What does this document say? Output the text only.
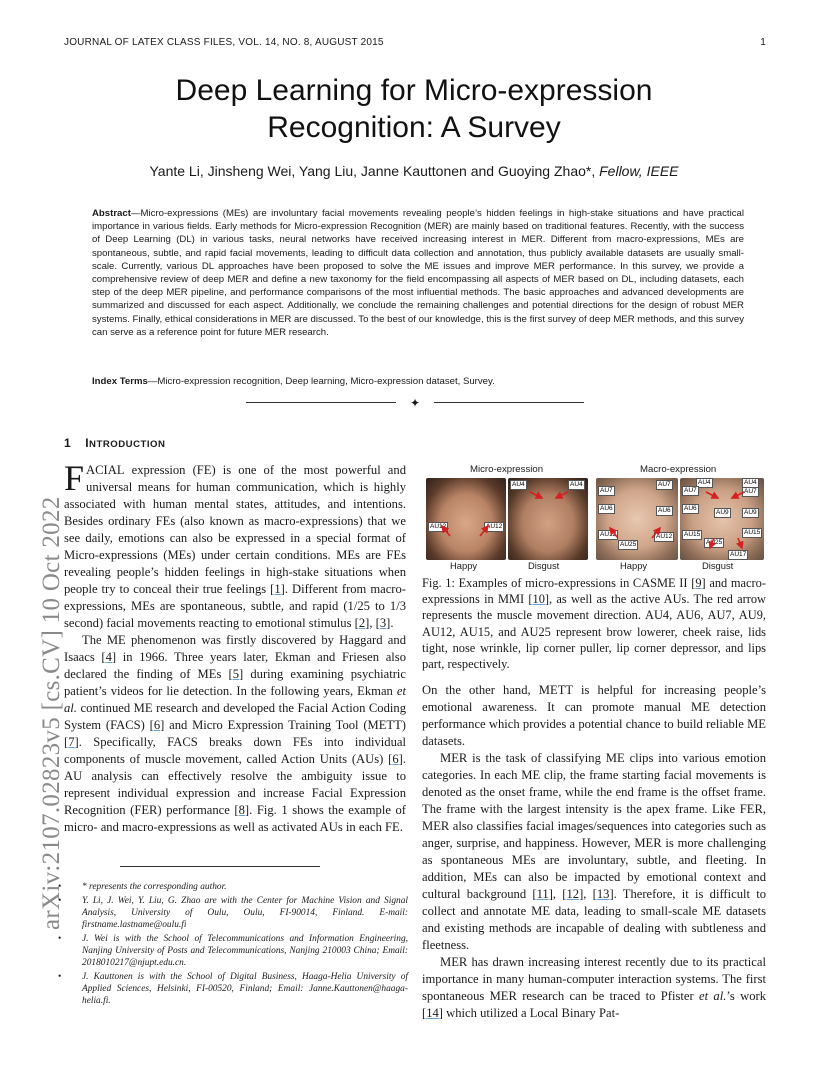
JOURNAL OF LATEX CLASS FILES, VOL. 14, NO. 8, AUGUST 2015	1
Deep Learning for Micro-expression
Recognition: A Survey
Yante Li, Jinsheng Wei, Yang Liu, Janne Kauttonen and Guoying Zhao*, Fellow, IEEE
Abstract—Micro-expressions (MEs) are involuntary facial movements revealing people’s hidden feelings in high-stake situations and have practical importance in various fields. Early methods for Micro-expression Recognition (MER) are mainly based on traditional features. Recently, with the success of Deep Learning (DL) in various tasks, neural networks have received increasing interest in MER. Different from macro-expressions, MEs are spontaneous, subtle, and rapid facial movements, leading to difficult data collection and annotation, thus publicly available datasets are usually small-scale. Currently, various DL approaches have been proposed to solve the ME issues and improve MER performance. In this survey, we provide a comprehensive review of deep MER and define a new taxonomy for the field encompassing all aspects of MER based on DL, including datasets, each step of the deep MER pipeline, and performance comparisons of the most influential methods. The basic approaches and advanced developments are summarized and discussed for each aspect. Additionally, we conclude the remaining challenges and potential directions for the design of robust MER systems. Finally, ethical considerations in MER are discussed. To the best of our knowledge, this is the first survey of deep MER methods, and this survey can serve as a reference point for future MER research.
Index Terms—Micro-expression recognition, Deep learning, Micro-expression dataset, Survey.
✦
1 INTRODUCTION

FACIAL expression (FE) is one of the most powerful and universal means for human communication, which is highly associated with human mental states, attitudes, and intentions. Besides ordinary FEs (also known as macro-expressions) that we see daily, emotions can also be expressed in a special format of Micro-expressions (MEs) under certain conditions. MEs are FEs revealing people’s hidden feelings in high-stake situations when people try to conceal their true feelings [1]. Different from macro-expressions, MEs are spontaneous, subtle, and rapid (1/25 to 1/3 second) facial movements reacting to emotional stimulus [2], [3].

The ME phenomenon was firstly discovered by Haggard and Isaacs [4] in 1966. Three years later, Ekman and Friesen also declared the finding of MEs [5] during examining psychiatric patient’s videos for lie detection. In the following years, Ekman et al. continued ME research and developed the Facial Action Coding System (FACS) [6] and Micro Expression Training Tool (METT) [7]. Specifically, FACS breaks down FEs into individual components of muscle movement, called Action Units (AUs) [6]. AU analysis can effectively resolve the ambiguity issue to represent individual expression and increase Facial Expression Recognition (FER) performance [8]. Fig. 1 shows the example of micro- and macro-expressions as well as activated AUs in each FE.

• * represents the corresponding author.
• Y. Li, J. Wei, Y. Liu, G. Zhao are with the Center for Machine Vision and Signal Analysis, University of Oulu, Oulu, FI-90014, Finland. E-mail: firstname.lastname@oulu.fi
• J. Wei is with the School of Telecommunications and Information Engineering, Nanjing University of Posts and Telecommunications, Nanjing 210003 China; Email: 2018010217@njupt.edu.cn.
• J. Kauttonen is with the School of Digital Business, Haaga-Helia University of Applied Sciences, Helsinki, FI-00520, Finland; Email: Janne.Kauttonen@haaga-helia.fi.
Micro-expression	Macro-expression
AU12	AU12
AU4	AU4
AU7
AU7
AU6	AU6
AU12	AU12
AU25
AU4	AU4
AU7	AU7
AU6
AU9	AU9
AU15	AU15
AU25
AU17
Happy	Disgust	Happy	Disgust
Fig. 1: Examples of micro-expressions in CASME II [9] and macro-expressions in MMI [10], as well as the active AUs. The red arrow represents the muscle movement direction. AU4, AU6, AU7, AU9, AU12, AU15, and AU25 represent brow lowerer, cheek raise, lids tight, nose wrinkle, lip corner puller, lip corner depressor, and lips part, respectively.

On the other hand, METT is helpful for increasing people’s emotional awareness. It can promote manual ME detection performance which provides a potential chance to build reliable ME datasets.

MER is the task of classifying ME clips into various emotion categories. In each ME clip, the frame starting facial movements is denoted as the onset frame, while the end frame is the offset frame. The frame with the largest intensity is the apex frame. Like FER, MER also classifies facial images/sequences into categories such as anger, surprise, and happiness. However, MER is more challenging as spontaneous MEs are involuntary, subtle, and fleeting. In addition, MEs can also be impacted by emotional context and cultural background [11], [12], [13]. Therefore, it is difficult to collect and annotate ME data, leading to small-scale ME datasets and existing methods are incapable of dealing with subtleness and fleetness.

MER has drawn increasing interest recently due to its practical importance in many human-computer interaction systems. The first spontaneous MER research can be traced to Pfister et al.’s work [14] which utilized a Local Binary Pat-

arXiv:2107.02823v5 [cs.CV] 10 Oct 2022
